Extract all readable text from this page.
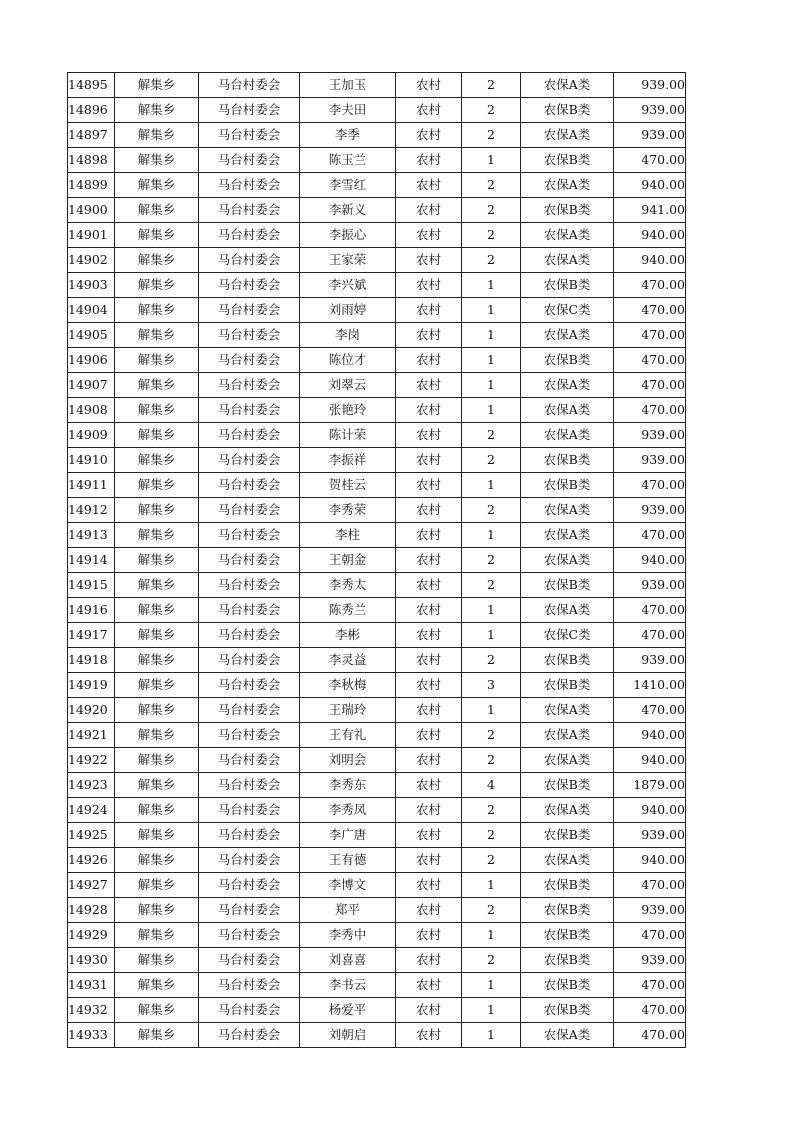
14895	解集乡	马台村委会	王加玉	农村	2	农保A类	939.00
14896	解集乡	马台村委会	李夫田	农村	2	农保B类	939.00
14897	解集乡	马台村委会	李季	农村	2	农保A类	939.00
14898	解集乡	马台村委会	陈玉兰	农村	1	农保B类	470.00
14899	解集乡	马台村委会	李雪红	农村	2	农保A类	940.00
14900	解集乡	马台村委会	李新义	农村	2	农保B类	941.00
14901	解集乡	马台村委会	李振心	农村	2	农保A类	940.00
14902	解集乡	马台村委会	王家荣	农村	2	农保A类	940.00
14903	解集乡	马台村委会	李兴斌	农村	1	农保B类	470.00
14904	解集乡	马台村委会	刘雨婷	农村	1	农保C类	470.00
14905	解集乡	马台村委会	李岗	农村	1	农保A类	470.00
14906	解集乡	马台村委会	陈位才	农村	1	农保B类	470.00
14907	解集乡	马台村委会	刘翠云	农村	1	农保A类	470.00
14908	解集乡	马台村委会	张艳玲	农村	1	农保A类	470.00
14909	解集乡	马台村委会	陈计荣	农村	2	农保A类	939.00
14910	解集乡	马台村委会	李振祥	农村	2	农保B类	939.00
14911	解集乡	马台村委会	贺桂云	农村	1	农保B类	470.00
14912	解集乡	马台村委会	李秀荣	农村	2	农保A类	939.00
14913	解集乡	马台村委会	李柱	农村	1	农保A类	470.00
14914	解集乡	马台村委会	王朝金	农村	2	农保A类	940.00
14915	解集乡	马台村委会	李秀太	农村	2	农保B类	939.00
14916	解集乡	马台村委会	陈秀兰	农村	1	农保A类	470.00
14917	解集乡	马台村委会	李彬	农村	1	农保C类	470.00
14918	解集乡	马台村委会	李灵益	农村	2	农保B类	939.00
14919	解集乡	马台村委会	李秋梅	农村	3	农保B类	1410.00
14920	解集乡	马台村委会	王瑞玲	农村	1	农保A类	470.00
14921	解集乡	马台村委会	王有礼	农村	2	农保A类	940.00
14922	解集乡	马台村委会	刘明会	农村	2	农保A类	940.00
14923	解集乡	马台村委会	李秀东	农村	4	农保B类	1879.00
14924	解集乡	马台村委会	李秀凤	农村	2	农保A类	940.00
14925	解集乡	马台村委会	李广唐	农村	2	农保B类	939.00
14926	解集乡	马台村委会	王有德	农村	2	农保A类	940.00
14927	解集乡	马台村委会	李博文	农村	1	农保B类	470.00
14928	解集乡	马台村委会	郑平	农村	2	农保B类	939.00
14929	解集乡	马台村委会	李秀中	农村	1	农保B类	470.00
14930	解集乡	马台村委会	刘喜喜	农村	2	农保B类	939.00
14931	解集乡	马台村委会	李书云	农村	1	农保B类	470.00
14932	解集乡	马台村委会	杨爱平	农村	1	农保B类	470.00
14933	解集乡	马台村委会	刘朝启	农村	1	农保A类	470.00
